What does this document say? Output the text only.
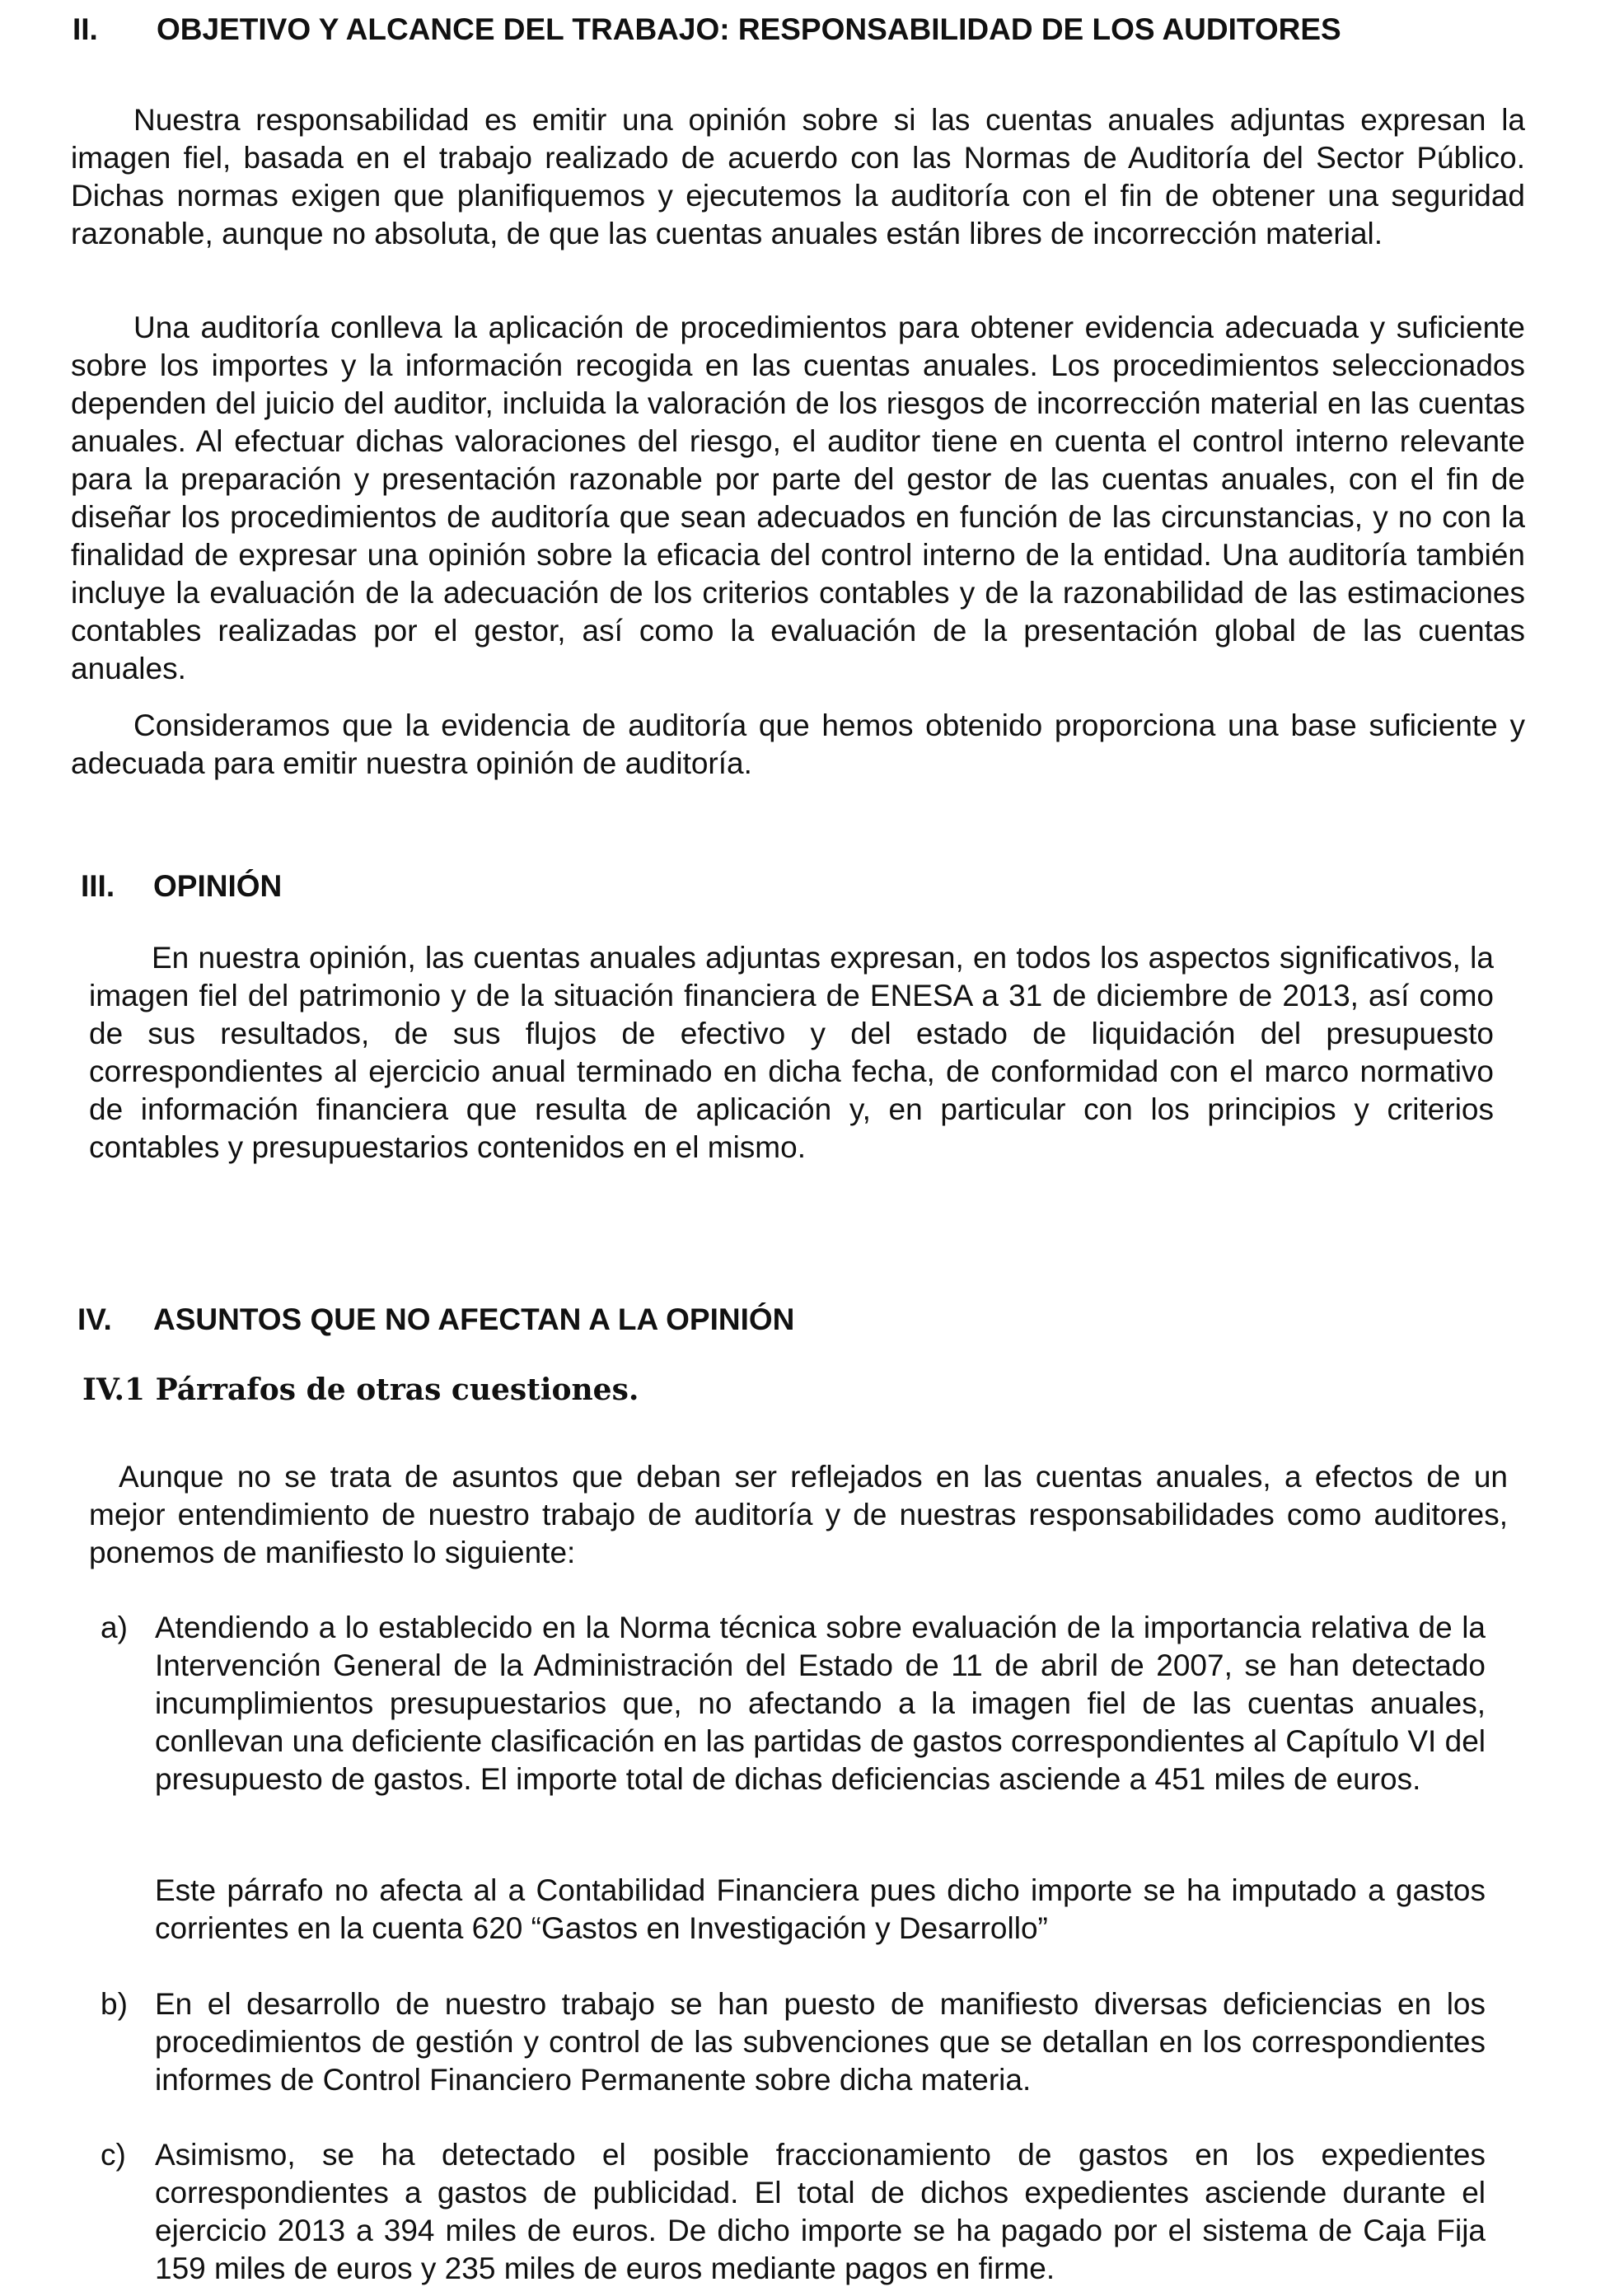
II. OBJETIVO Y ALCANCE DEL TRABAJO: RESPONSABILIDAD DE LOS AUDITORES

Nuestra responsabilidad es emitir una opinión sobre si las cuentas anuales adjuntas expresan la imagen fiel, basada en el trabajo realizado de acuerdo con las Normas de Auditoría del Sector Público. Dichas normas exigen que planifiquemos y ejecutemos la auditoría con el fin de obtener una seguridad razonable, aunque no absoluta, de que las cuentas anuales están libres de incorrección material.

Una auditoría conlleva la aplicación de procedimientos para obtener evidencia adecuada y suficiente sobre los importes y la información recogida en las cuentas anuales. Los procedimientos seleccionados dependen del juicio del auditor, incluida la valoración de los riesgos de incorrección material en las cuentas anuales. Al efectuar dichas valoraciones del riesgo, el auditor tiene en cuenta el control interno relevante para la preparación y presentación razonable por parte del gestor de las cuentas anuales, con el fin de diseñar los procedimientos de auditoría que sean adecuados en función de las circunstancias, y no con la finalidad de expresar una opinión sobre la eficacia del control interno de la entidad. Una auditoría también incluye la evaluación de la adecuación de los criterios contables y de la razonabilidad de las estimaciones contables realizadas por el gestor, así como la evaluación de la presentación global de las cuentas anuales.

Consideramos que la evidencia de auditoría que hemos obtenido proporciona una base suficiente y adecuada para emitir nuestra opinión de auditoría.

III. OPINIÓN

En nuestra opinión, las cuentas anuales adjuntas expresan, en todos los aspectos significativos, la imagen fiel del patrimonio y de la situación financiera de ENESA a 31 de diciembre de 2013, así como de sus resultados, de sus flujos de efectivo y del estado de liquidación del presupuesto correspondientes al ejercicio anual terminado en dicha fecha, de conformidad con el marco normativo de información financiera que resulta de aplicación y, en particular con los principios y criterios contables y presupuestarios contenidos en el mismo.

IV. ASUNTOS QUE NO AFECTAN A LA OPINIÓN
IV.1 Párrafos de otras cuestiones.

Aunque no se trata de asuntos que deban ser reflejados en las cuentas anuales, a efectos de un mejor entendimiento de nuestro trabajo de auditoría y de nuestras responsabilidades como auditores, ponemos de manifiesto lo siguiente:

a) Atendiendo a lo establecido en la Norma técnica sobre evaluación de la importancia relativa de la Intervención General de la Administración del Estado de 11 de abril de 2007, se han detectado incumplimientos presupuestarios que, no afectando a la imagen fiel de las cuentas anuales, conllevan una deficiente clasificación en las partidas de gastos correspondientes al Capítulo VI del presupuesto de gastos. El importe total de dichas deficiencias asciende a 451 miles de euros.

Este párrafo no afecta al a Contabilidad Financiera pues dicho importe se ha imputado a gastos corrientes en la cuenta 620 “Gastos en Investigación y Desarrollo”

b) En el desarrollo de nuestro trabajo se han puesto de manifiesto diversas deficiencias en los procedimientos de gestión y control de las subvenciones que se detallan en los correspondientes informes de Control Financiero Permanente sobre dicha materia.

c) Asimismo, se ha detectado el posible fraccionamiento de gastos en los expedientes correspondientes a gastos de publicidad. El total de dichos expedientes asciende durante el ejercicio 2013 a 394 miles de euros. De dicho importe se ha pagado por el sistema de Caja Fija 159 miles de euros y 235 miles de euros mediante pagos en firme.
